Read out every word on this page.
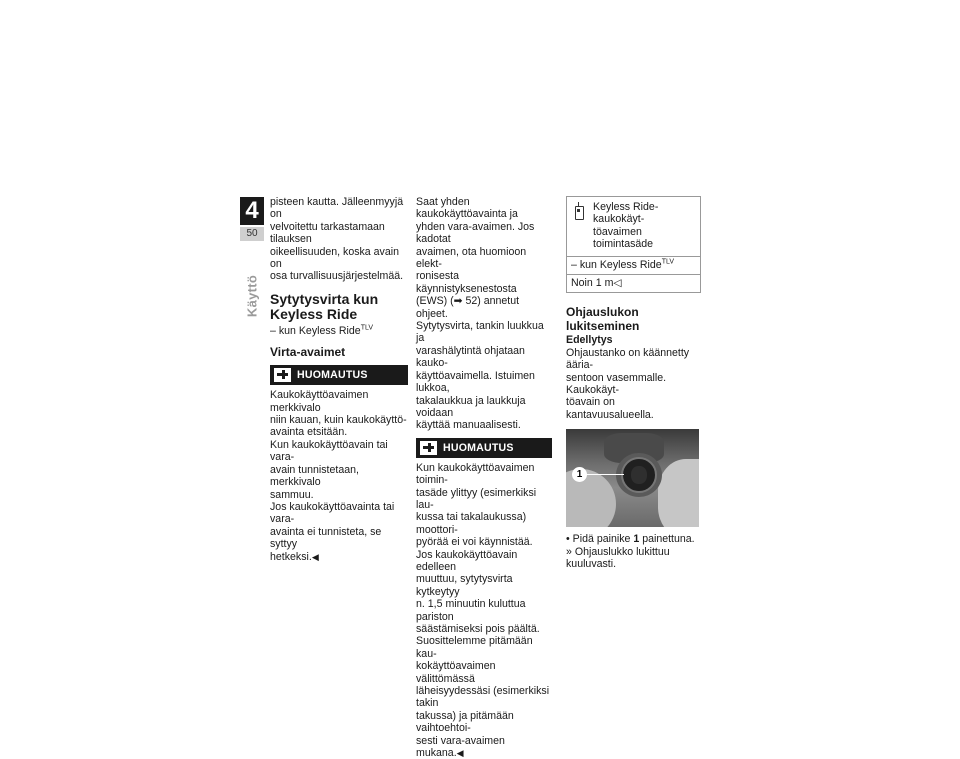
4
50
Käyttö

pisteen kautta. Jälleenmyyjä on
velvoitettu tarkastamaan tilauksen
oikeellisuuden, koska avain on
osa turvallisuusjärjestelmää.

Sytytysvirta kun
Keyless Ride

– kun Keyless Ride$^{TLV}$

Virta-avaimet
HUOMAUTUS

Kaukokäyttöavaimen merkkivalo
niin kauan, kuin kaukokäyttö-
avainta etsitään.
Kun kaukokäyttöavain tai vara-
avain tunnistetaan, merkkivalo
sammuu.
Jos kaukokäyttöavainta tai vara-
avainta ei tunnisteta, se syttyy
hetkeksi.◀

Saat yhden kaukokäyttöavainta ja
yhden vara-avaimen. Jos kadotat
avaimen, ota huomioon elekt-
ronisesta käynnistyksenestosta
(EWS) (➡ 52) annetut ohjeet.
Sytytysvirta, tankin luukkua ja
varashälytintä ohjataan kauko-
käyttöavaimella. Istuimen lukkoa,
takalaukkua ja laukkuja voidaan
käyttää manuaalisesti.

HUOMAUTUS

Kun kaukokäyttöavaimen toimin-
tasäde ylittyy (esimerkiksi lau-
kussa tai takalaukussa) moottori-
pyörää ei voi käynnistää.
Jos kaukokäyttöavain edelleen
muuttuu, sytytysvirta kytkeytyy
n. 1,5 minuutin kuluttua pariston
säästämiseksi pois päältä.
Suosittelemme pitämään kau-
kokäyttöavaimen välittömässä
läheisyydessäsi (esimerkiksi takin
takussa) ja pitämään vaihtoehtoi-
sesti vara-avaimen mukana.◀

Keyless Ride-kaukokäyt-
töavaimen toimintasäde
– kun Keyless Ride$^{TLV}$
Noin 1 m◁
Ohjauslukon lukitseminen
Edellytys

Ohjaustanko on käännetty ääria-
sentoon vasemmalle. Kaukokäyt-
töavain on kantavuusalueella.

1

• Pidä painike 1 painettuna.

» Ohjauslukko lukittuu kuuluvasti.
